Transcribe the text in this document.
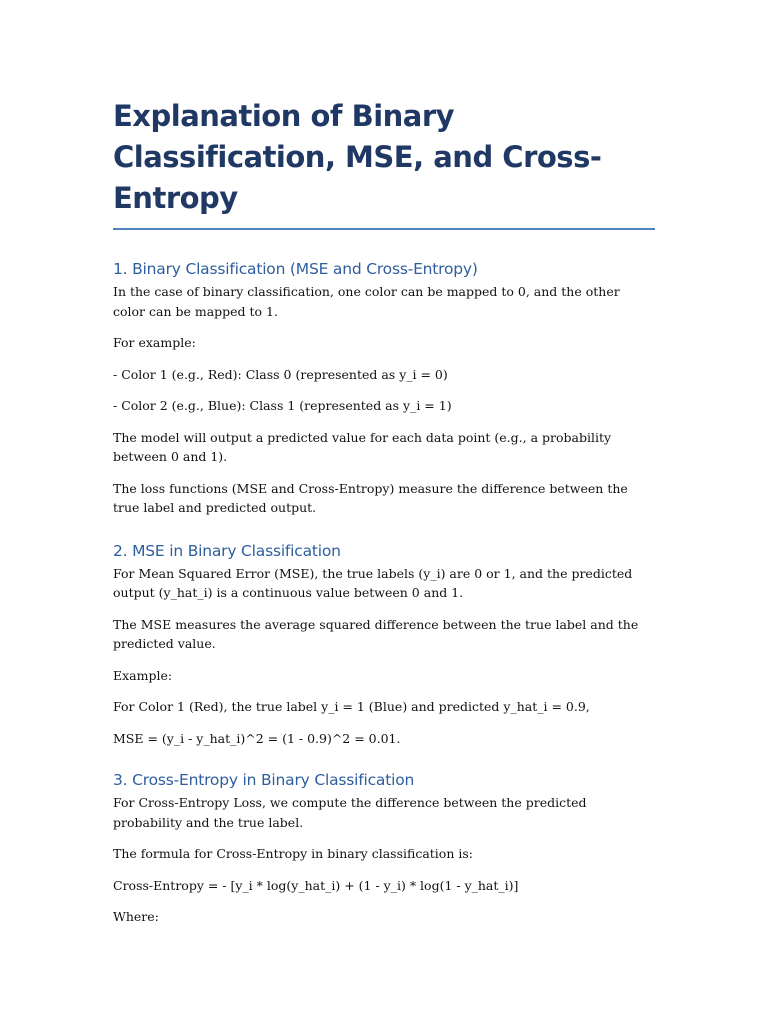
Explanation of Binary Classification, MSE, and Cross-Entropy
1. Binary Classification (MSE and Cross-Entropy)

In the case of binary classification, one color can be mapped to 0, and the other color can be mapped to 1.

For example:

- Color 1 (e.g., Red): Class 0 (represented as y_i = 0)

- Color 2 (e.g., Blue): Class 1 (represented as y_i = 1)

The model will output a predicted value for each data point (e.g., a probability between 0 and 1).

The loss functions (MSE and Cross-Entropy) measure the difference between the true label and predicted output.

2. MSE in Binary Classification

For Mean Squared Error (MSE), the true labels (y_i) are 0 or 1, and the predicted output (y_hat_i) is a continuous value between 0 and 1.

The MSE measures the average squared difference between the true label and the predicted value.

Example:

For Color 1 (Red), the true label y_i = 1 (Blue) and predicted y_hat_i = 0.9,

MSE = (y_i - y_hat_i)^2 = (1 - 0.9)^2 = 0.01.

3. Cross-Entropy in Binary Classification

For Cross-Entropy Loss, we compute the difference between the predicted probability and the true label.

The formula for Cross-Entropy in binary classification is:

Cross-Entropy = - [y_i * log(y_hat_i) + (1 - y_i) * log(1 - y_hat_i)]

Where:
